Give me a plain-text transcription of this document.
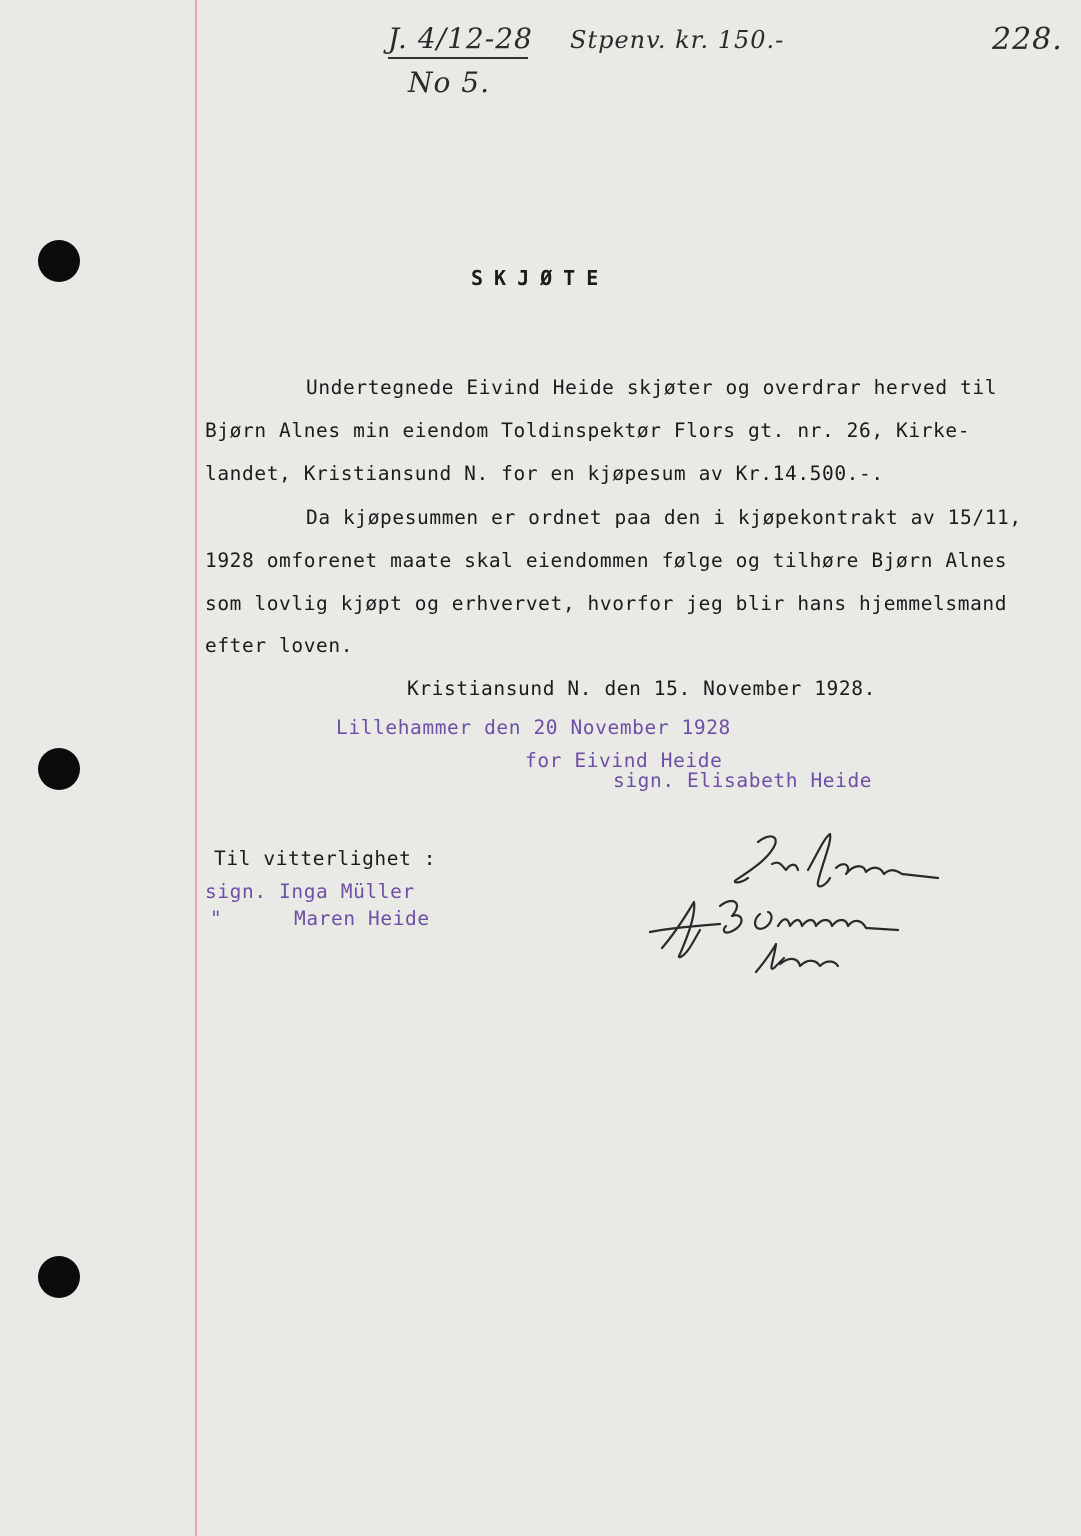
J. 4/12-28 Stpenv. kr. 150.-	228.
No 5.
SKJØTE
Undertegnede Eivind Heide skjøter og overdrar herved til
Bjørn Alnes min eiendom Toldinspektør Flors gt. nr. 26, Kirke-
landet, Kristiansund N. for en kjøpesum av Kr.14.500.-.
Da kjøpesummen er ordnet paa den i kjøpekontrakt av 15/11,
1928 omforenet maate skal eiendommen følge og tilhøre Bjørn Alnes
som lovlig kjøpt og erhvervet, hvorfor jeg blir hans hjemmelsmand
efter loven.
Kristiansund N. den 15. November 1928.
Lillehammer den 20 November 1928
for Eivind Heide
sign. Elisabeth Heide
Til vitterlighet :
sign. Inga Müller
"	Maren Heide
